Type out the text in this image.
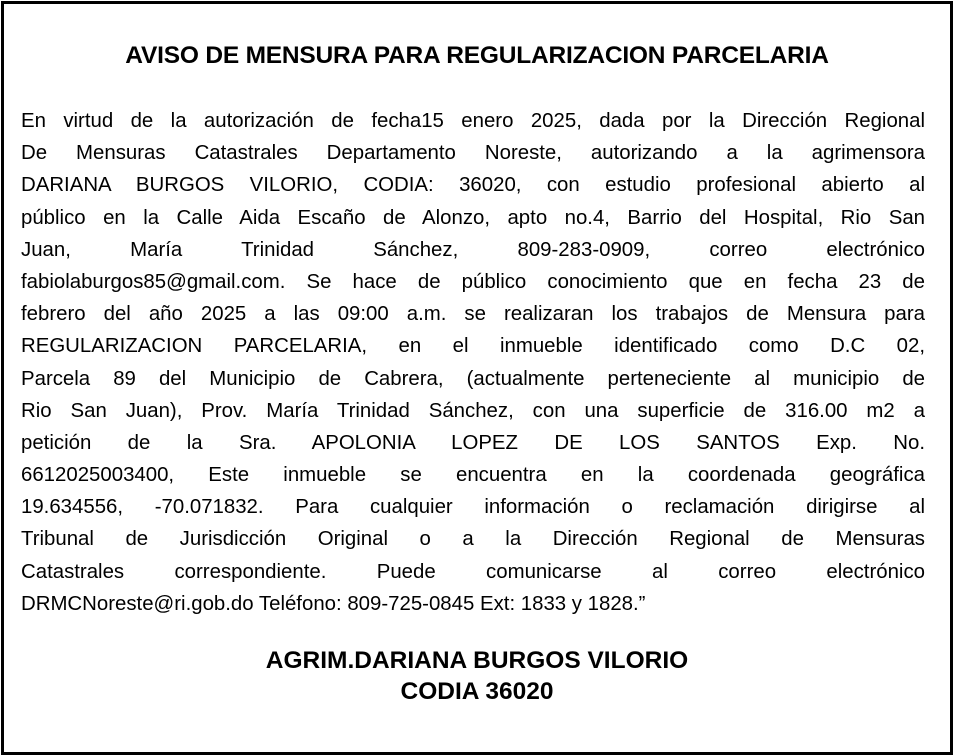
AVISO DE MENSURA PARA REGULARIZACION PARCELARIA
En virtud de la autorización de fecha15 enero 2025, dada por la Dirección Regional
De Mensuras Catastrales Departamento Noreste, autorizando a la agrimensora
DARIANA BURGOS VILORIO, CODIA: 36020, con estudio profesional abierto al
público en la Calle Aida Escaño de Alonzo, apto no.4, Barrio del Hospital, Rio San
Juan, María Trinidad Sánchez, 809-283-0909, correo electrónico
fabiolaburgos85@gmail.com. Se hace de público conocimiento que en fecha 23 de
febrero del año 2025 a las 09:00 a.m. se realizaran los trabajos de Mensura para
REGULARIZACION PARCELARIA, en el inmueble identificado como D.C 02,
Parcela 89 del Municipio de Cabrera, (actualmente perteneciente al municipio de
Rio San Juan), Prov. María Trinidad Sánchez, con una superficie de 316.00 m2 a
petición de la Sra. APOLONIA LOPEZ DE LOS SANTOS Exp. No.
6612025003400, Este inmueble se encuentra en la coordenada geográfica
19.634556, -70.071832. Para cualquier información o reclamación dirigirse al
Tribunal de Jurisdicción Original o a la Dirección Regional de Mensuras
Catastrales correspondiente. Puede comunicarse al correo electrónico
DRMCNoreste@ri.gob.do Teléfono: 809-725-0845 Ext: 1833 y 1828.”
AGRIM.DARIANA BURGOS VILORIO
CODIA 36020
